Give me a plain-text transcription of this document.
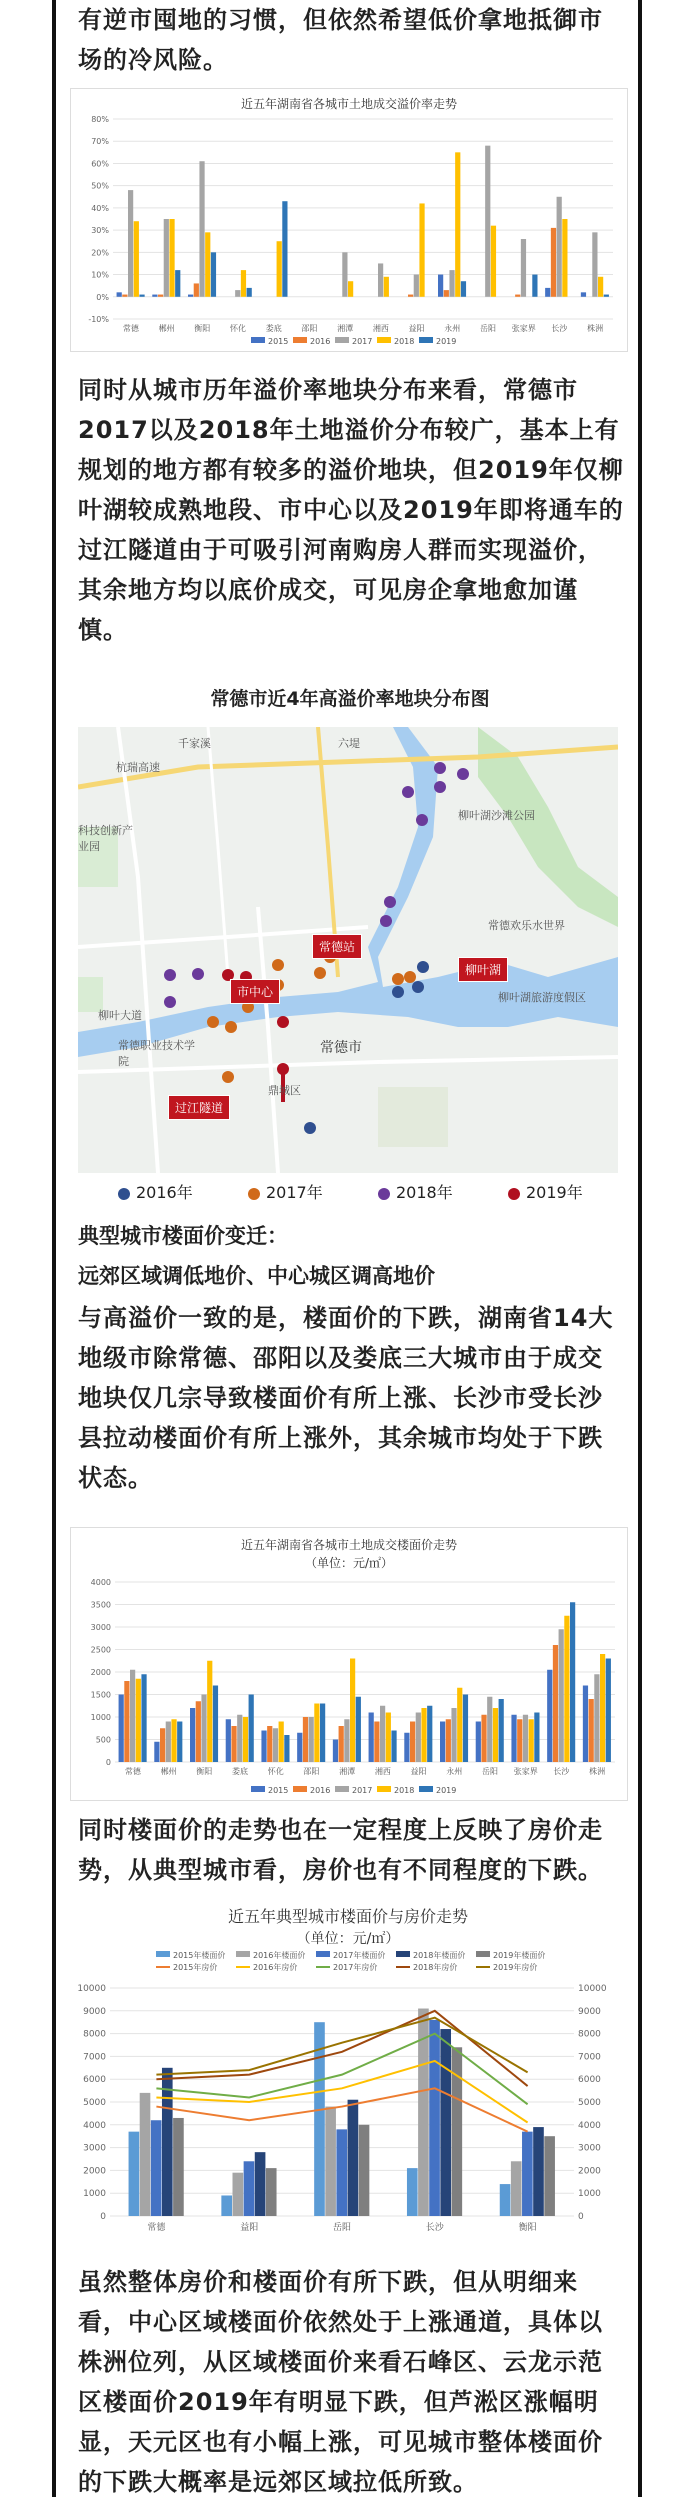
有逆市囤地的习惯，但依然希望低价拿地抵御市场的冷风险。
近五年湖南省各城市土地成交溢价率走势
80%
70%
60%
50%
40%
30%
20%
10%
0%
-10%
常德 郴州 衡阳 怀化 娄底 邵阳 湘潭 湘西 益阳 永州 岳阳 张家界 长沙 株洲
2015	2016	2017	2018	2019
同时从城市历年溢价率地块分布来看，常德市2017以及2018年土地溢价分布较广，基本上有规划的地方都有较多的溢价地块，但2019年仅柳叶湖较成熟地段、市中心以及2019年即将通车的过江隧道由于可吸引河南购房人群而实现溢价，其余地方均以底价成交，可见房企拿地愈加谨慎。
常德市近4年高溢价率地块分布图
杭瑞高速
柳叶湖沙滩公园
常德欢乐水世界
柳叶湖旅游度假区
柳叶大道
常德市
鼎城区
常德职业技术学院
科技创新产业园
六堤
千家溪
市中心
柳叶湖
过江隧道
常德站
2016年	2017年	2018年	2019年
典型城市楼面价变迁：
远郊区域调低地价、中心城区调高地价
与高溢价一致的是，楼面价的下跌，湖南省14大地级市除常德、邵阳以及娄底三大城市由于成交地块仅几宗导致楼面价有所上涨、长沙市受长沙县拉动楼面价有所上涨外，其余城市均处于下跌状态。
近五年湖南省各城市土地成交楼面价走势
（单位：元/㎡）
4000
3500
3000
2500
2000
1500
1000
500
0
常德 郴州 衡阳 娄底 怀化 邵阳 湘潭 湘西 益阳 永州 岳阳 张家界 长沙 株洲
2015	2016	2017	2018	2019
同时楼面价的走势也在一定程度上反映了房价走势，从典型城市看，房价也有不同程度的下跌。
近五年典型城市楼面价与房价走势
（单位：元/㎡）
10000	10000
9000	9000
8000	8000
7000	7000
6000	6000
5000	5000
4000	4000
3000	3000
2000	2000
1000	1000
0	0
常德	益阳	岳阳	长沙	衡阳
2015年楼面价	2016年楼面价	2017年楼面价	2018年楼面价	2019年楼面价
2015年房价	2016年房价	2017年房价	2018年房价	2019年房价
虽然整体房价和楼面价有所下跌，但从明细来看，中心区域楼面价依然处于上涨通道，具体以株洲位列，从区域楼面价来看石峰区、云龙示范区楼面价2019年有明显下跌，但芦淞区涨幅明显，天元区也有小幅上涨，可见城市整体楼面价的下跌大概率是远郊区域拉低所致。
